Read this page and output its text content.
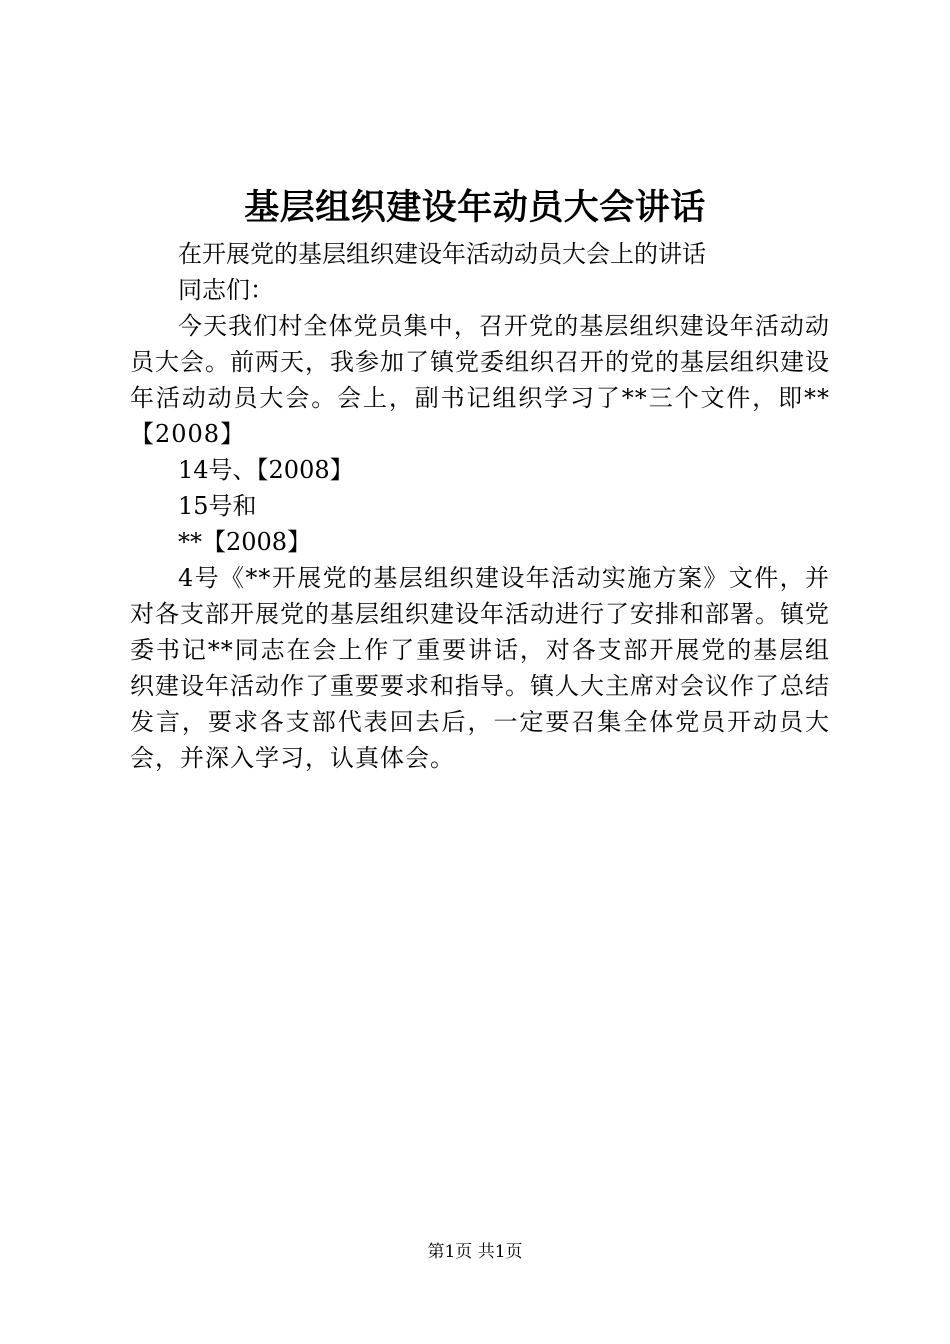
基层组织建设年动员大会讲话
在开展党的基层组织建设年活动动员大会上的讲话
同志们：
今天我们村全体党员集中，召开党的基层组织建设年活动动员大会。前两天，我参加了镇党委组织召开的党的基层组织建设年活动动员大会。会上，副书记组织学习了**三个文件，即**【2008】
14号、【2008】
15号和
**【2008】
4号《**开展党的基层组织建设年活动实施方案》文件，并对各支部开展党的基层组织建设年活动进行了安排和部署。镇党委书记**同志在会上作了重要讲话，对各支部开展党的基层组织建设年活动作了重要要求和指导。镇人大主席对会议作了总结发言，要求各支部代表回去后，一定要召集全体党员开动员大会，并深入学习，认真体会。
第1页 共1页
